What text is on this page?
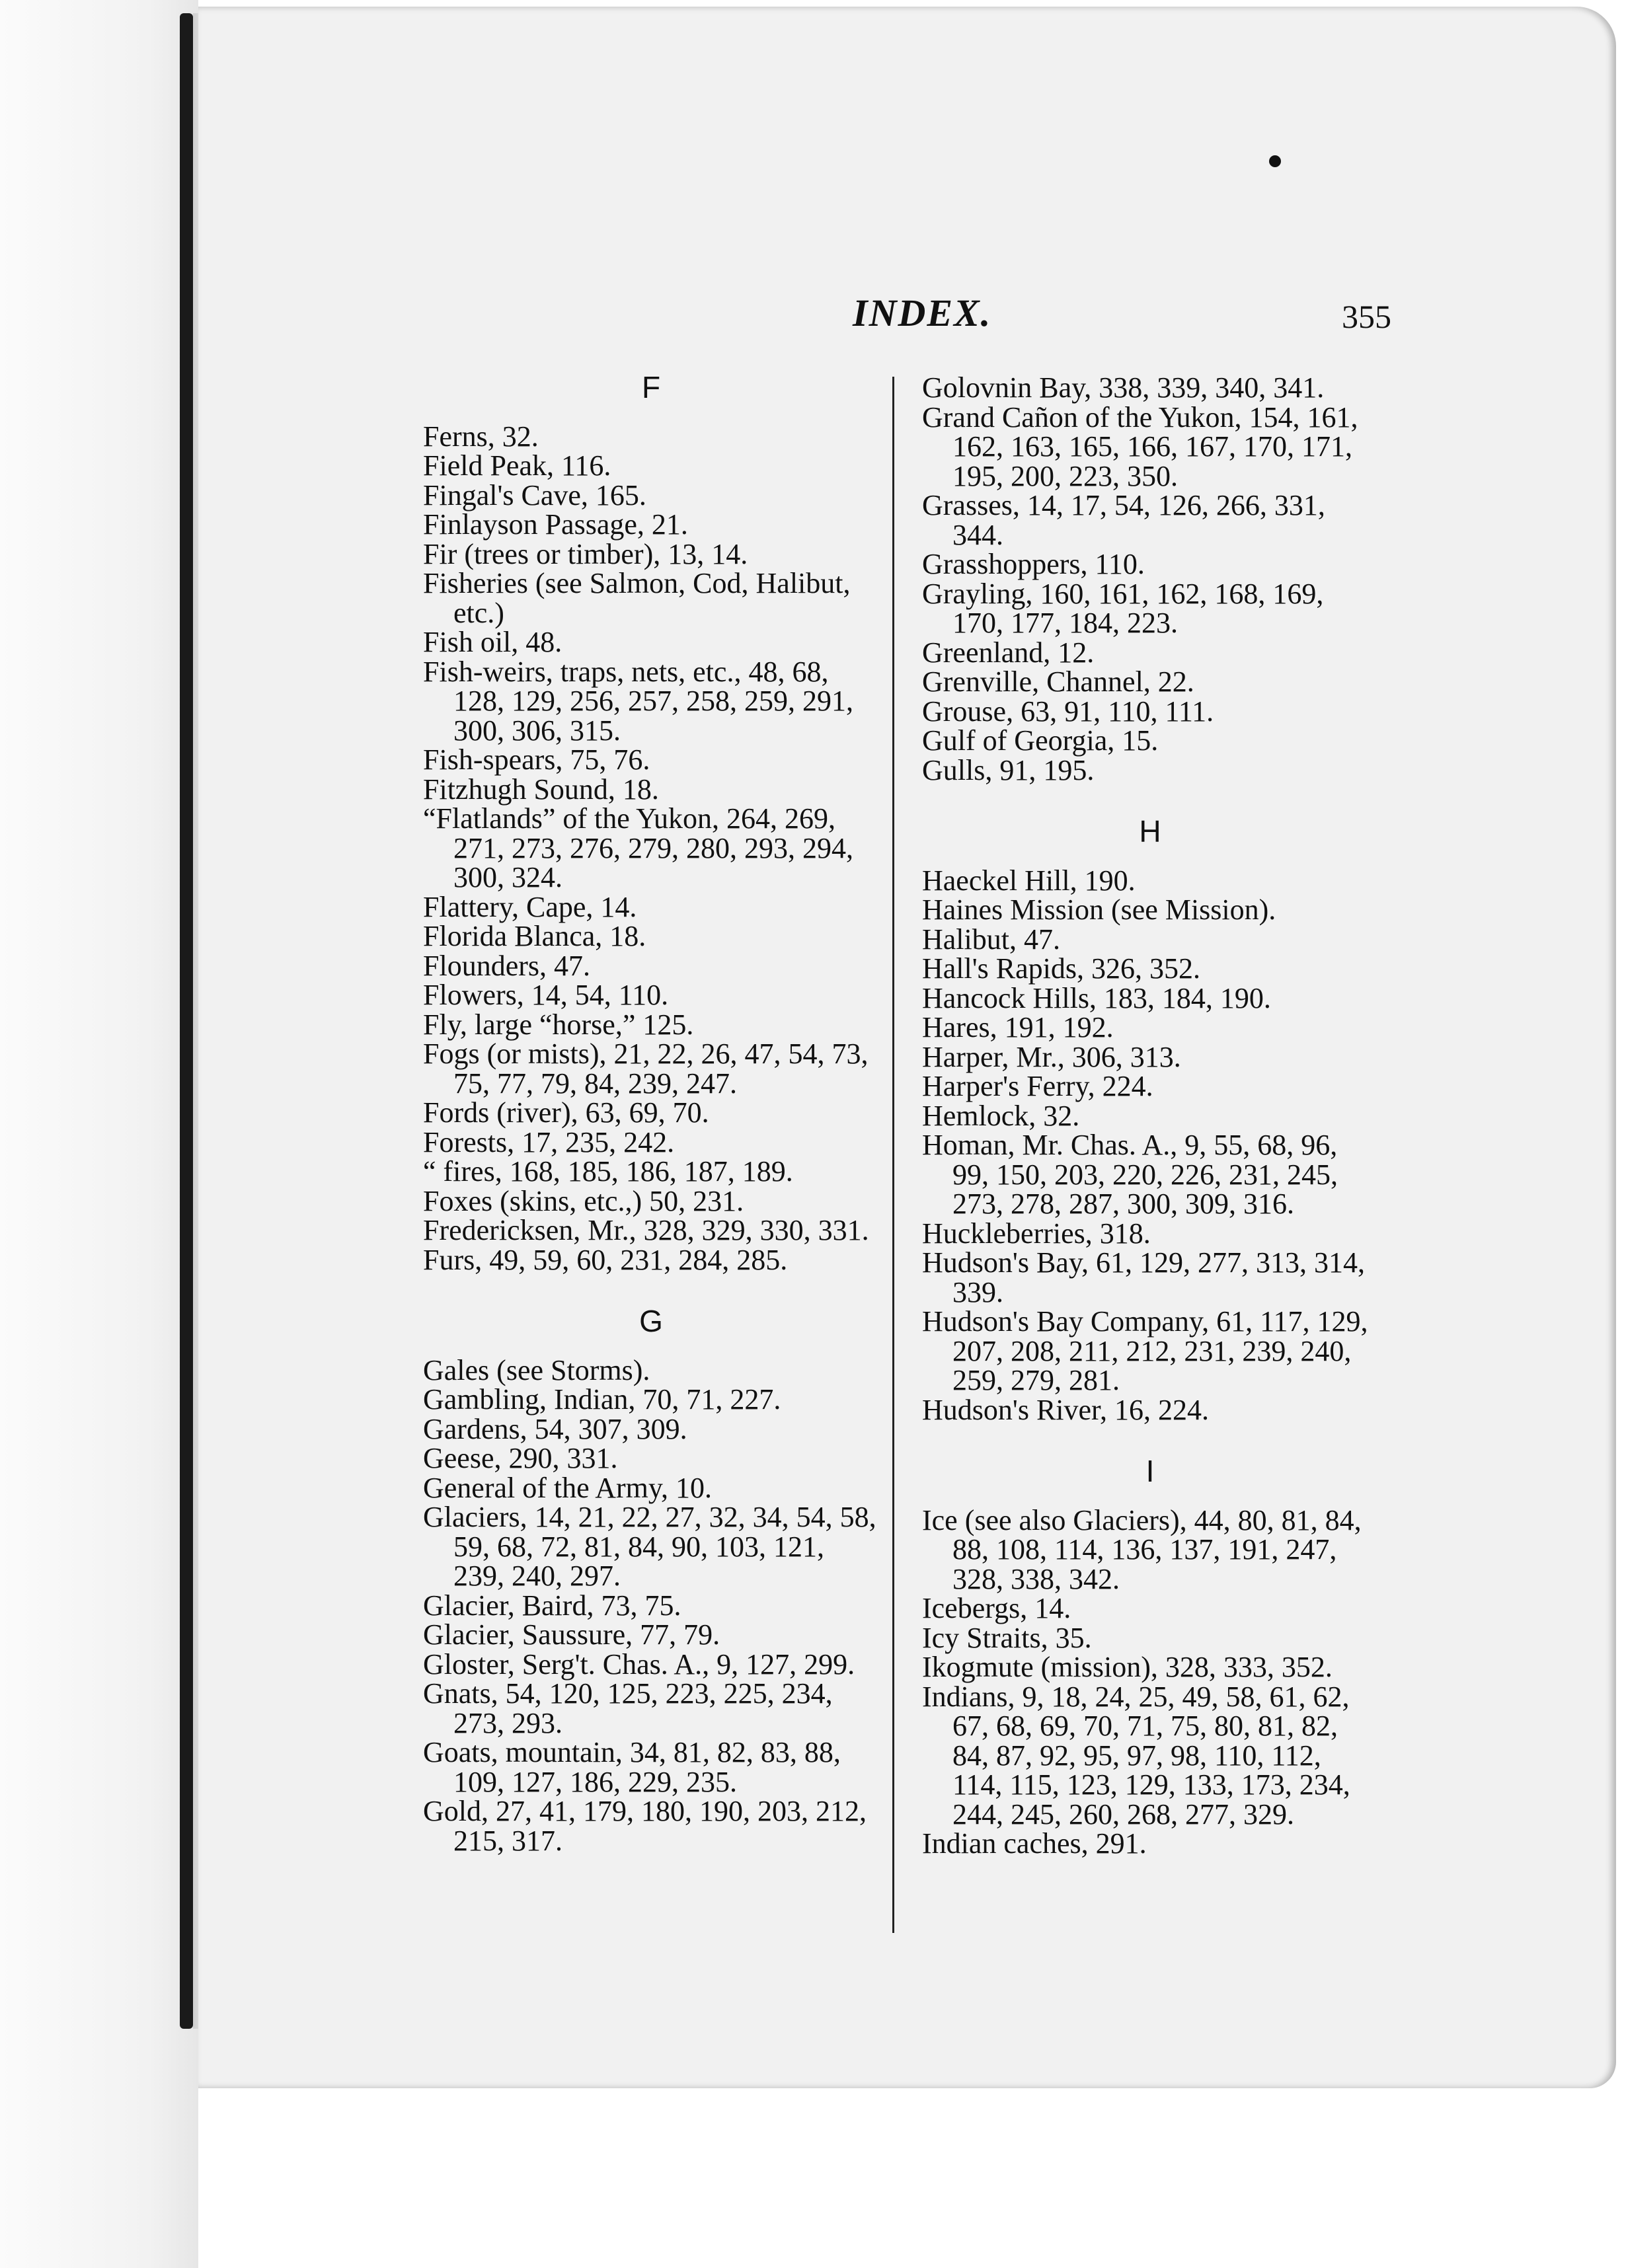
INDEX.	355
F
Ferns, 32.
Field Peak, 116.
Fingal's Cave, 165.
Finlayson Passage, 21.
Fir (trees or timber), 13, 14.
Fisheries (see Salmon, Cod, Halibut, etc.)
Fish oil, 48.
Fish-weirs, traps, nets, etc., 48, 68, 128, 129, 256, 257, 258, 259, 291, 300, 306, 315.
Fish-spears, 75, 76.
Fitzhugh Sound, 18.
“Flatlands” of the Yukon, 264, 269, 271, 273, 276, 279, 280, 293, 294, 300, 324.
Flattery, Cape, 14.
Florida Blanca, 18.
Flounders, 47.
Flowers, 14, 54, 110.
Fly, large “horse,” 125.
Fogs (or mists), 21, 22, 26, 47, 54, 73, 75, 77, 79, 84, 239, 247.
Fords (river), 63, 69, 70.
Forests, 17, 235, 242.
“ fires, 168, 185, 186, 187, 189.
Foxes (skins, etc.,) 50, 231.
Fredericksen, Mr., 328, 329, 330, 331.
Furs, 49, 59, 60, 231, 284, 285.
G
Gales (see Storms).
Gambling, Indian, 70, 71, 227.
Gardens, 54, 307, 309.
Geese, 290, 331.
General of the Army, 10.
Glaciers, 14, 21, 22, 27, 32, 34, 54, 58, 59, 68, 72, 81, 84, 90, 103, 121, 239, 240, 297.
Glacier, Baird, 73, 75.
Glacier, Saussure, 77, 79.
Gloster, Serg't. Chas. A., 9, 127, 299.
Gnats, 54, 120, 125, 223, 225, 234, 273, 293.
Goats, mountain, 34, 81, 82, 83, 88, 109, 127, 186, 229, 235.
Gold, 27, 41, 179, 180, 190, 203, 212, 215, 317.
Golovnin Bay, 338, 339, 340, 341.
Grand Cañon of the Yukon, 154, 161, 162, 163, 165, 166, 167, 170, 171, 195, 200, 223, 350.
Grasses, 14, 17, 54, 126, 266, 331, 344.
Grasshoppers, 110.
Grayling, 160, 161, 162, 168, 169, 170, 177, 184, 223.
Greenland, 12.
Grenville, Channel, 22.
Grouse, 63, 91, 110, 111.
Gulf of Georgia, 15.
Gulls, 91, 195.
H
Haeckel Hill, 190.
Haines Mission (see Mission).
Halibut, 47.
Hall's Rapids, 326, 352.
Hancock Hills, 183, 184, 190.
Hares, 191, 192.
Harper, Mr., 306, 313.
Harper's Ferry, 224.
Hemlock, 32.
Homan, Mr. Chas. A., 9, 55, 68, 96, 99, 150, 203, 220, 226, 231, 245, 273, 278, 287, 300, 309, 316.
Huckleberries, 318.
Hudson's Bay, 61, 129, 277, 313, 314, 339.
Hudson's Bay Company, 61, 117, 129, 207, 208, 211, 212, 231, 239, 240, 259, 279, 281.
Hudson's River, 16, 224.
I
Ice (see also Glaciers), 44, 80, 81, 84, 88, 108, 114, 136, 137, 191, 247, 328, 338, 342.
Icebergs, 14.
Icy Straits, 35.
Ikogmute (mission), 328, 333, 352.
Indians, 9, 18, 24, 25, 49, 58, 61, 62, 67, 68, 69, 70, 71, 75, 80, 81, 82, 84, 87, 92, 95, 97, 98, 110, 112, 114, 115, 123, 129, 133, 173, 234, 244, 245, 260, 268, 277, 329.
Indian caches, 291.
